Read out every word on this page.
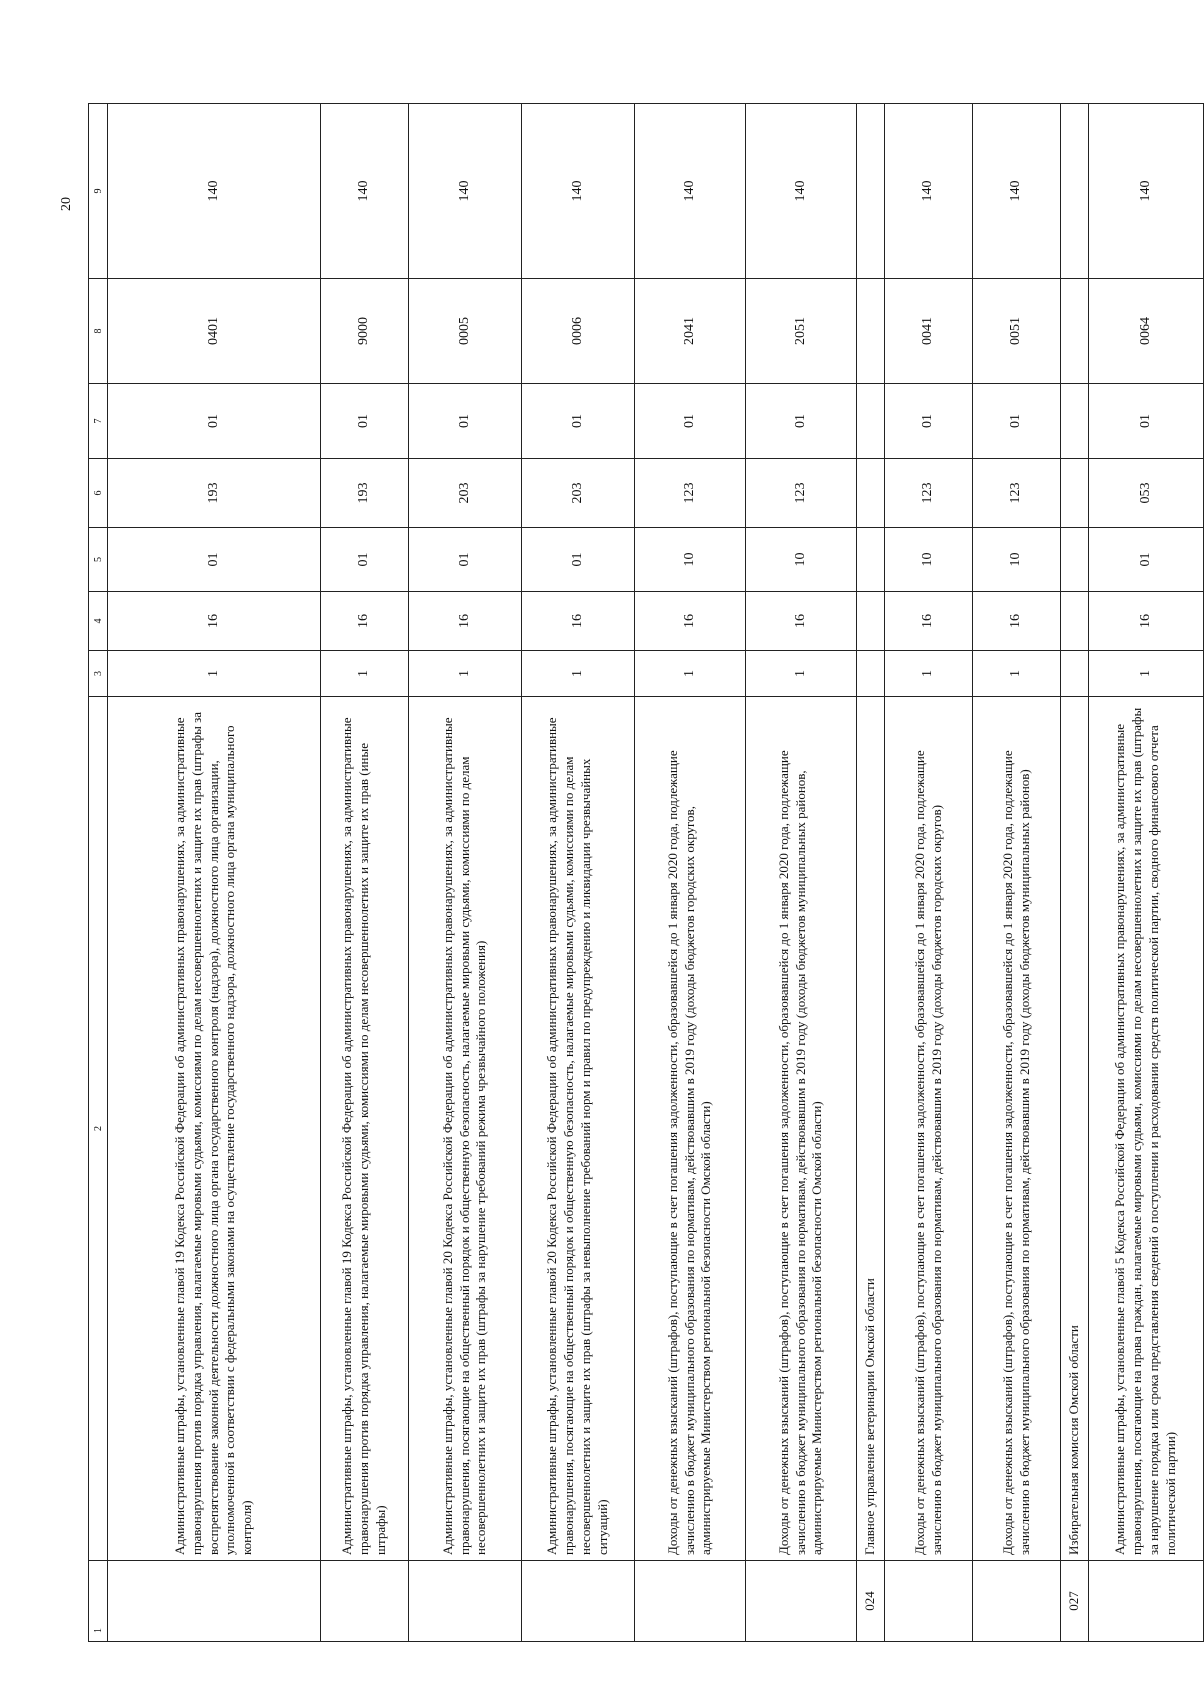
20
1	2	3	4	5	6	7	8	9
	Административные штрафы, установленные главой 19 Кодекса Российской Федерации об административных правонарушениях, за административные правонарушения против порядка управления, налагаемые мировыми судьями, комиссиями по делам несовершеннолетних и защите их прав (штрафы за воспрепятствование законной деятельности должностного лица органа государственного контроля (надзора), должностного лица организации, уполномоченной в соответствии с федеральными законами на осуществление государственного надзора, должностного лица органа муниципального контроля)	1	16	01	193	01	0401	140
	Административные штрафы, установленные главой 19 Кодекса Российской Федерации об административных правонарушениях, за административные правонарушения против порядка управления, налагаемые мировыми судьями, комиссиями по делам несовершеннолетних и защите их прав (иные штрафы)	1	16	01	193	01	9000	140
	Административные штрафы, установленные главой 20 Кодекса Российской Федерации об административных правонарушениях, за административные правонарушения, посягающие на общественный порядок и общественную безопасность, налагаемые мировыми судьями, комиссиями по делам несовершеннолетних и защите их прав (штрафы за нарушение требований режима чрезвычайного положения)	1	16	01	203	01	0005	140
	Административные штрафы, установленные главой 20 Кодекса Российской Федерации об административных правонарушениях, за административные правонарушения, посягающие на общественный порядок и общественную безопасность, налагаемые мировыми судьями, комиссиями по делам несовершеннолетних и защите их прав (штрафы за невыполнение требований норм и правил по предупреждению и ликвидации чрезвычайных ситуаций)	1	16	01	203	01	0006	140
	Доходы от денежных взысканий (штрафов), поступающие в счет погашения задолженности, образовавшейся до 1 января 2020 года, подлежащие зачислению в бюджет муниципального образования по нормативам, действовавшим в 2019 году (доходы бюджетов городских округов, администрируемые Министерством региональной безопасности Омской области)	1	16	10	123	01	2041	140
	Доходы от денежных взысканий (штрафов), поступающие в счет погашения задолженности, образовавшейся до 1 января 2020 года, подлежащие зачислению в бюджет муниципального образования по нормативам, действовавшим в 2019 году (доходы бюджетов муниципальных районов, администрируемые Министерством региональной безопасности Омской области)	1	16	10	123	01	2051	140
024	Главное управление ветеринарии Омской области							
	Доходы от денежных взысканий (штрафов), поступающие в счет погашения задолженности, образовавшейся до 1 января 2020 года, подлежащие зачислению в бюджет муниципального образования по нормативам, действовавшим в 2019 году (доходы бюджетов городских округов)	1	16	10	123	01	0041	140
	Доходы от денежных взысканий (штрафов), поступающие в счет погашения задолженности, образовавшейся до 1 января 2020 года, подлежащие зачислению в бюджет муниципального образования по нормативам, действовавшим в 2019 году (доходы бюджетов муниципальных районов)	1	16	10	123	01	0051	140
027	Избирательная комиссия Омской области							
	Административные штрафы, установленные главой 5 Кодекса Российской Федерации об административных правонарушениях, за административные правонарушения, посягающие на права граждан, налагаемые мировыми судьями, комиссиями по делам несовершеннолетних и защите их прав (штрафы за нарушение порядка или срока представления сведений о поступлении и расходовании средств политической партии, сводного финансового отчета политической партии)	1	16	01	053	01	0064	140
